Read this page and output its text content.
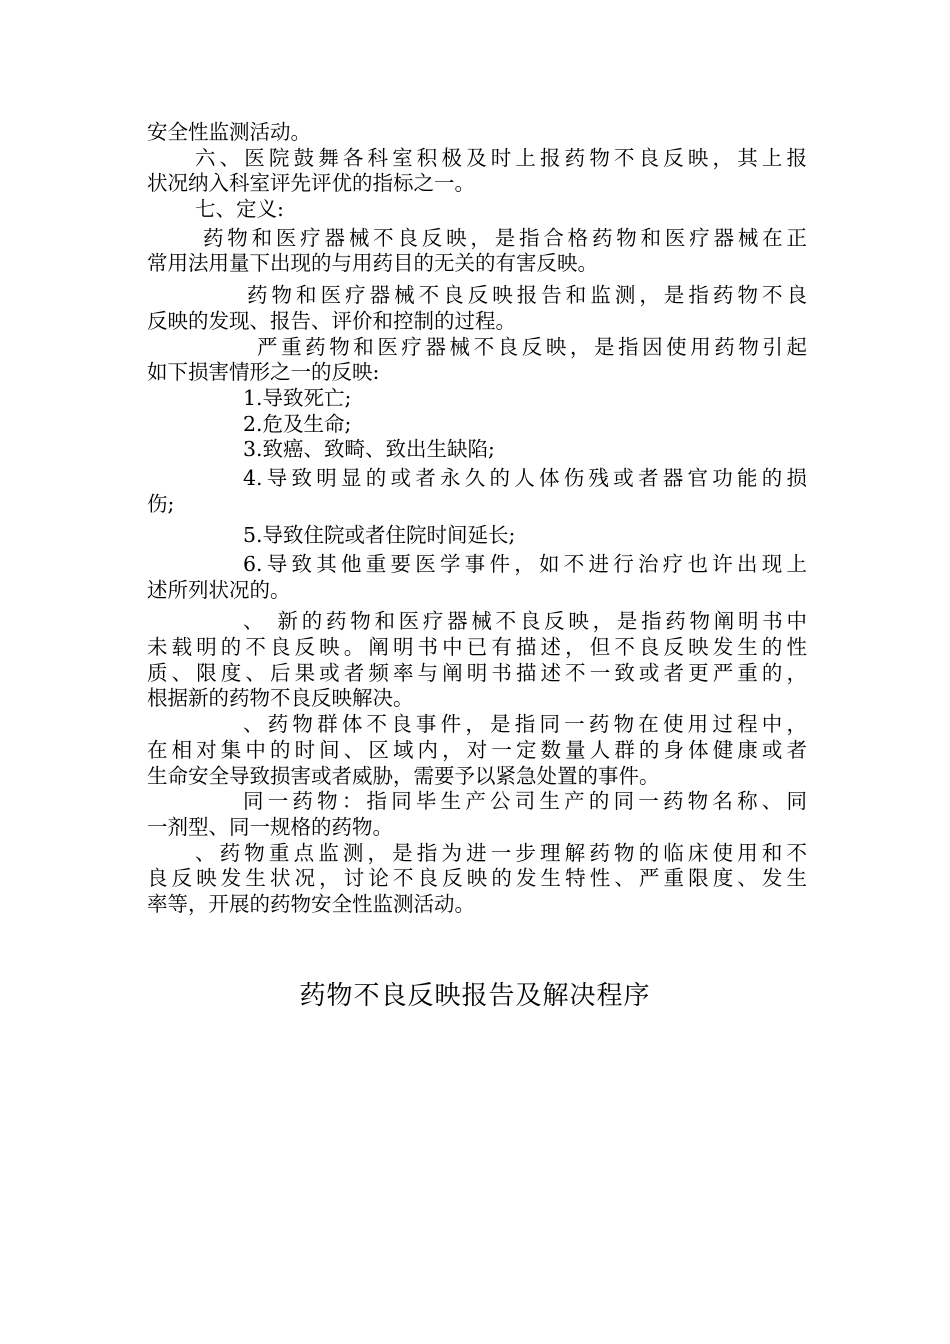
安全性监测活动。
六、医院鼓舞各科室积极及时上报药物不良反映，其上报
状况纳入科室评先评优的指标之一。
七、定义:
药物和医疗器械不良反映，是指合格药物和医疗器械在正
常用法用量下出现的与用药目的无关的有害反映。
药物和医疗器械不良反映报告和监测，是指药物不良
反映的发现、报告、评价和控制的过程。
严重药物和医疗器械不良反映，是指因使用药物引起
如下损害情形之一的反映:
1.导致死亡;
2.危及生命;
3.致癌、致畸、致出生缺陷;
4.导致明显的或者永久的人体伤残或者器官功能的损
伤;
5.导致住院或者住院时间延长;
6.导致其他重要医学事件，如不进行治疗也许出现上
述所列状况的。
、 新的药物和医疗器械不良反映，是指药物阐明书中
未载明的不良反映。阐明书中已有描述，但不良反映发生的性
质、限度、后果或者频率与阐明书描述不一致或者更严重的，
根据新的药物不良反映解决。
、药物群体不良事件，是指同一药物在使用过程中，
在相对集中的时间、区域内，对一定数量人群的身体健康或者
生命安全导致损害或者威胁，需要予以紧急处置的事件。
同一药物：指同毕生产公司生产的同一药物名称、同
一剂型、同一规格的药物。
、药物重点监测，是指为进一步理解药物的临床使用和不
良反映发生状况，讨论不良反映的发生特性、严重限度、发生
率等，开展的药物安全性监测活动。
药物不良反映报告及解决程序
